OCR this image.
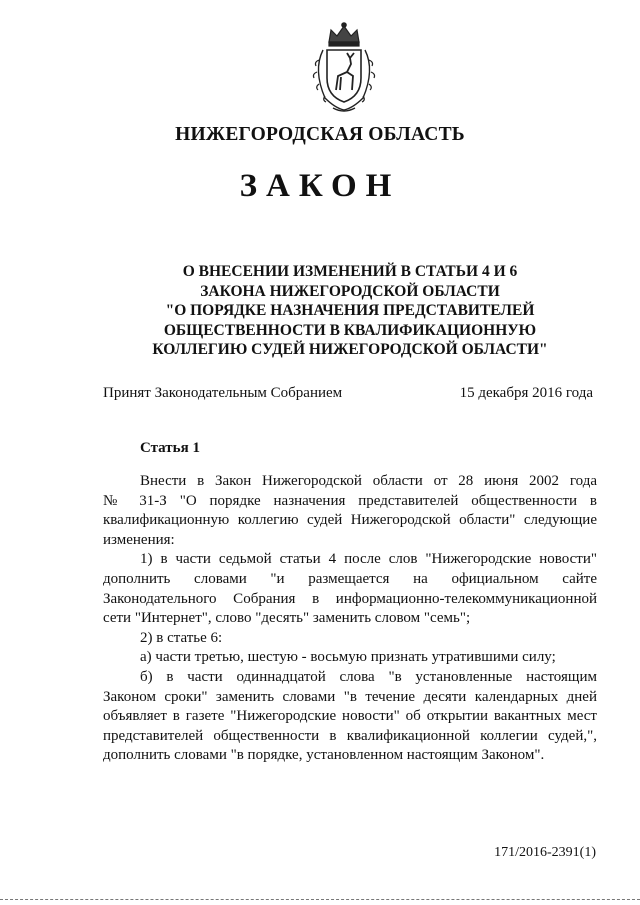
НИЖЕГОРОДСКАЯ ОБЛАСТЬ
ЗАКОН
О ВНЕСЕНИИ ИЗМЕНЕНИЙ В СТАТЬИ 4 И 6
ЗАКОНА НИЖЕГОРОДСКОЙ ОБЛАСТИ
"О ПОРЯДКЕ НАЗНАЧЕНИЯ ПРЕДСТАВИТЕЛЕЙ
ОБЩЕСТВЕННОСТИ В КВАЛИФИКАЦИОННУЮ
КОЛЛЕГИЮ СУДЕЙ НИЖЕГОРОДСКОЙ ОБЛАСТИ"
Принят Законодательным Собранием	15 декабря 2016 года
Статья 1
Внести в Закон Нижегородской области от 28 июня 2002 года
№ 31-З "О порядке назначения представителей общественности в
квалификационную коллегию судей Нижегородской области" следующие
изменения:
1) в части седьмой статьи 4 после слов "Нижегородские новости"
дополнить словами "и размещается на официальном сайте
Законодательного Собрания в информационно-телекоммуникационной
сети "Интернет", слово "десять" заменить словом "семь";
2) в статье 6:
а) части третью, шестую - восьмую признать утратившими силу;
б) в части одиннадцатой слова "в установленные настоящим
Законом сроки" заменить словами "в течение десяти календарных дней
объявляет в газете "Нижегородские новости" об открытии вакантных мест
представителей общественности в квалификационной коллегии судей,",
дополнить словами "в порядке, установленном настоящим Законом".
171/2016-2391(1)
